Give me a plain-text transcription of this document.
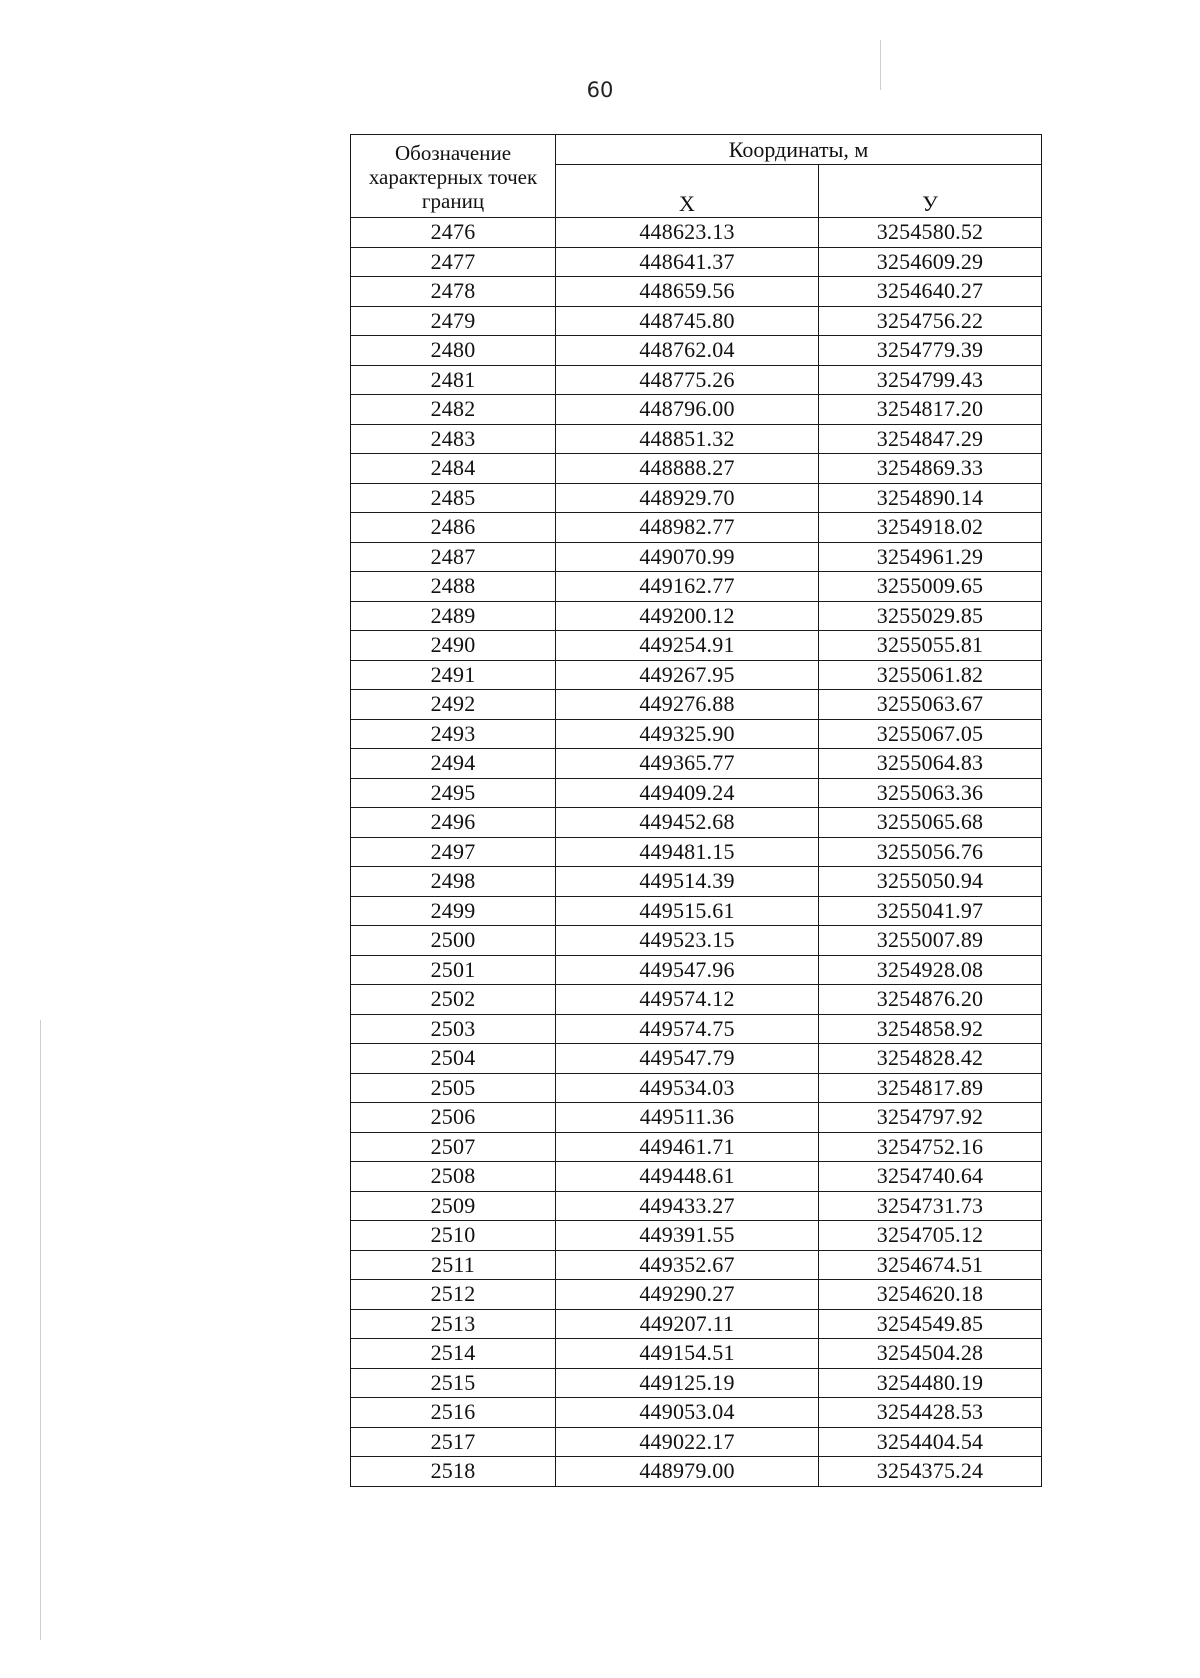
60
Обозначение характерных точек границ	Координаты, м	
	X	У
2476	448623.13	3254580.52
2477	448641.37	3254609.29
2478	448659.56	3254640.27
2479	448745.80	3254756.22
2480	448762.04	3254779.39
2481	448775.26	3254799.43
2482	448796.00	3254817.20
2483	448851.32	3254847.29
2484	448888.27	3254869.33
2485	448929.70	3254890.14
2486	448982.77	3254918.02
2487	449070.99	3254961.29
2488	449162.77	3255009.65
2489	449200.12	3255029.85
2490	449254.91	3255055.81
2491	449267.95	3255061.82
2492	449276.88	3255063.67
2493	449325.90	3255067.05
2494	449365.77	3255064.83
2495	449409.24	3255063.36
2496	449452.68	3255065.68
2497	449481.15	3255056.76
2498	449514.39	3255050.94
2499	449515.61	3255041.97
2500	449523.15	3255007.89
2501	449547.96	3254928.08
2502	449574.12	3254876.20
2503	449574.75	3254858.92
2504	449547.79	3254828.42
2505	449534.03	3254817.89
2506	449511.36	3254797.92
2507	449461.71	3254752.16
2508	449448.61	3254740.64
2509	449433.27	3254731.73
2510	449391.55	3254705.12
2511	449352.67	3254674.51
2512	449290.27	3254620.18
2513	449207.11	3254549.85
2514	449154.51	3254504.28
2515	449125.19	3254480.19
2516	449053.04	3254428.53
2517	449022.17	3254404.54
2518	448979.00	3254375.24
